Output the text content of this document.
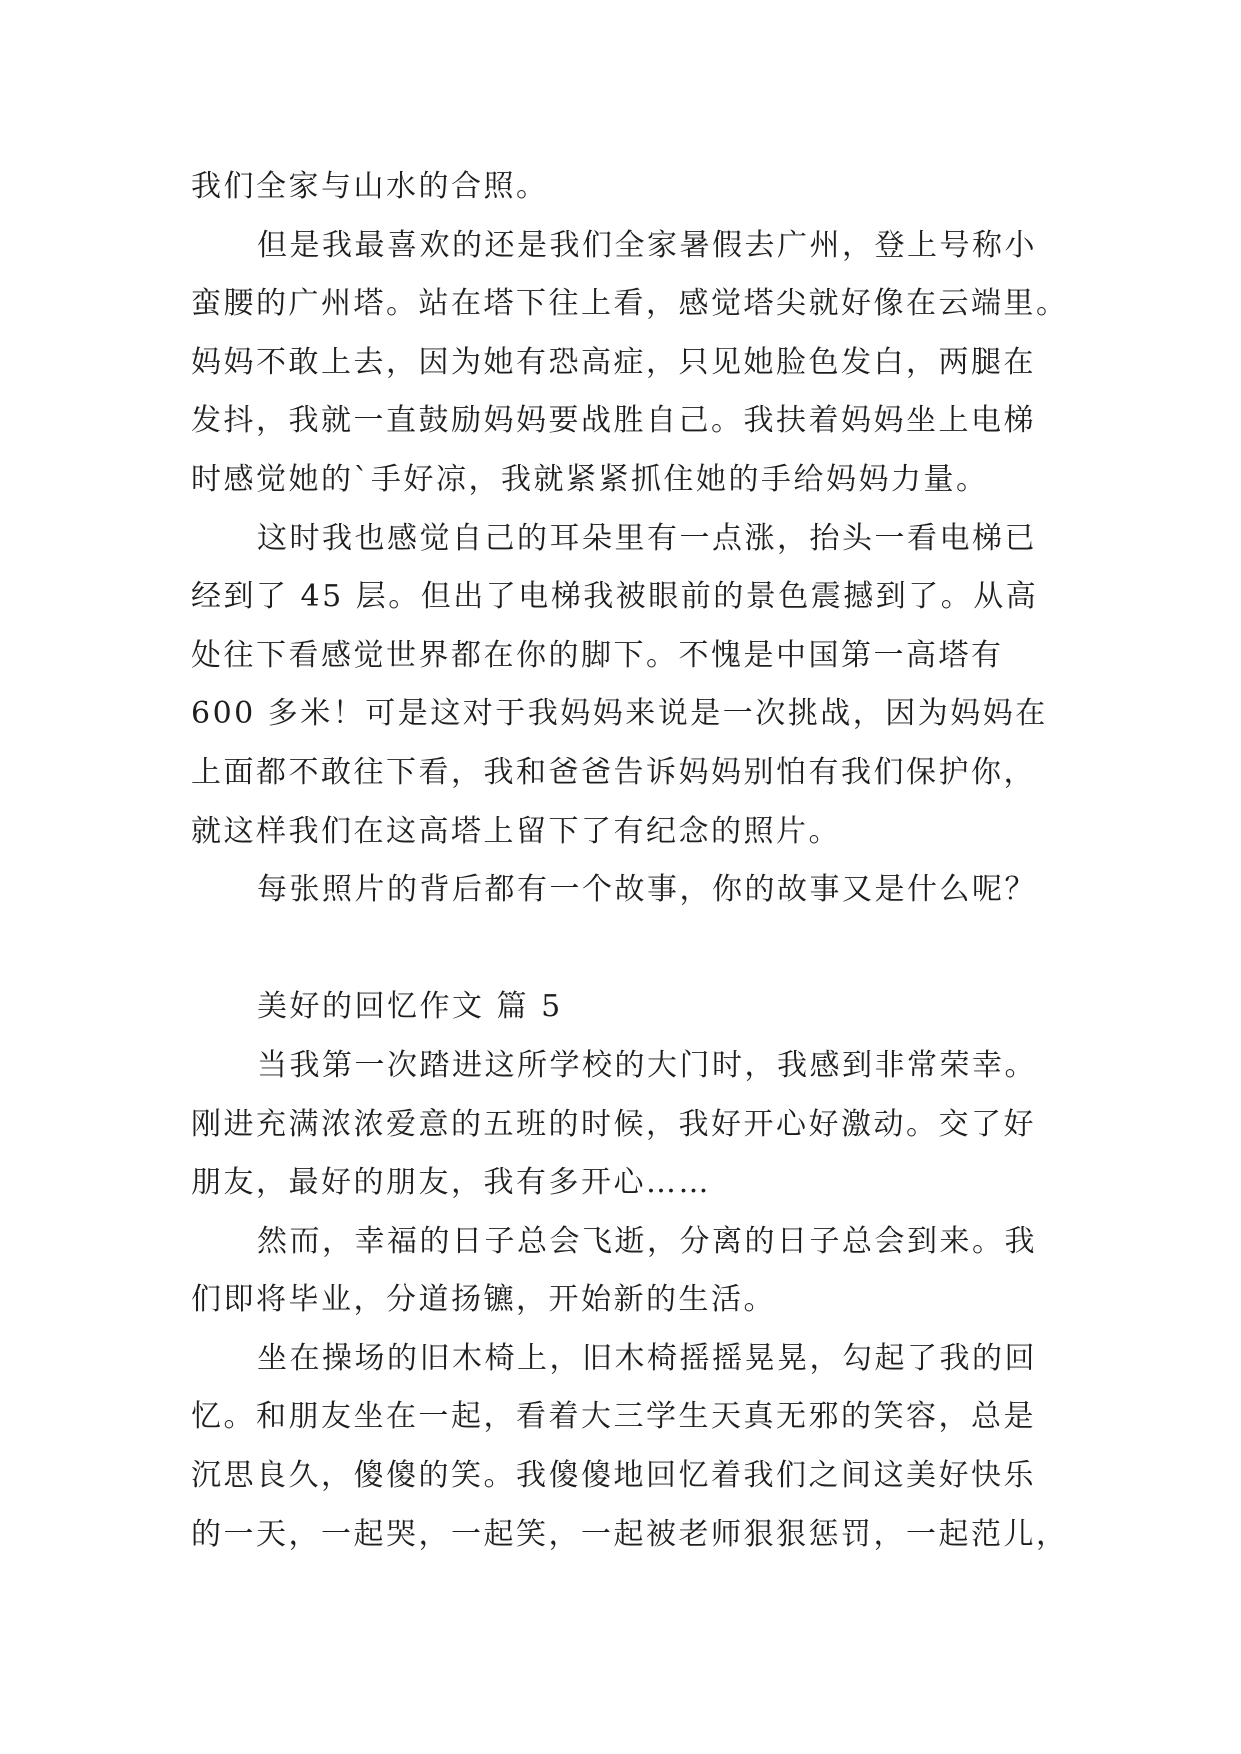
我们全家与山水的合照。
但是我最喜欢的还是我们全家暑假去广州，登上号称小
蛮腰的广州塔。站在塔下往上看，感觉塔尖就好像在云端里。
妈妈不敢上去，因为她有恐高症，只见她脸色发白，两腿在
发抖，我就一直鼓励妈妈要战胜自己。我扶着妈妈坐上电梯
时感觉她的`手好凉，我就紧紧抓住她的手给妈妈力量。
这时我也感觉自己的耳朵里有一点涨，抬头一看电梯已
经到了 45 层。但出了电梯我被眼前的景色震撼到了。从高
处往下看感觉世界都在你的脚下。不愧是中国第一高塔有
600 多米！可是这对于我妈妈来说是一次挑战，因为妈妈在
上面都不敢往下看，我和爸爸告诉妈妈别怕有我们保护你，
就这样我们在这高塔上留下了有纪念的照片。
每张照片的背后都有一个故事，你的故事又是什么呢？
美好的回忆作文 篇 5
当我第一次踏进这所学校的大门时，我感到非常荣幸。
刚进充满浓浓爱意的五班的时候，我好开心好激动。交了好
朋友，最好的朋友，我有多开心……
然而，幸福的日子总会飞逝，分离的日子总会到来。我
们即将毕业，分道扬镳，开始新的生活。
坐在操场的旧木椅上，旧木椅摇摇晃晃，勾起了我的回
忆。和朋友坐在一起，看着大三学生天真无邪的笑容，总是
沉思良久，傻傻的笑。我傻傻地回忆着我们之间这美好快乐
的一天，一起哭，一起笑，一起被老师狠狠惩罚，一起范儿，
